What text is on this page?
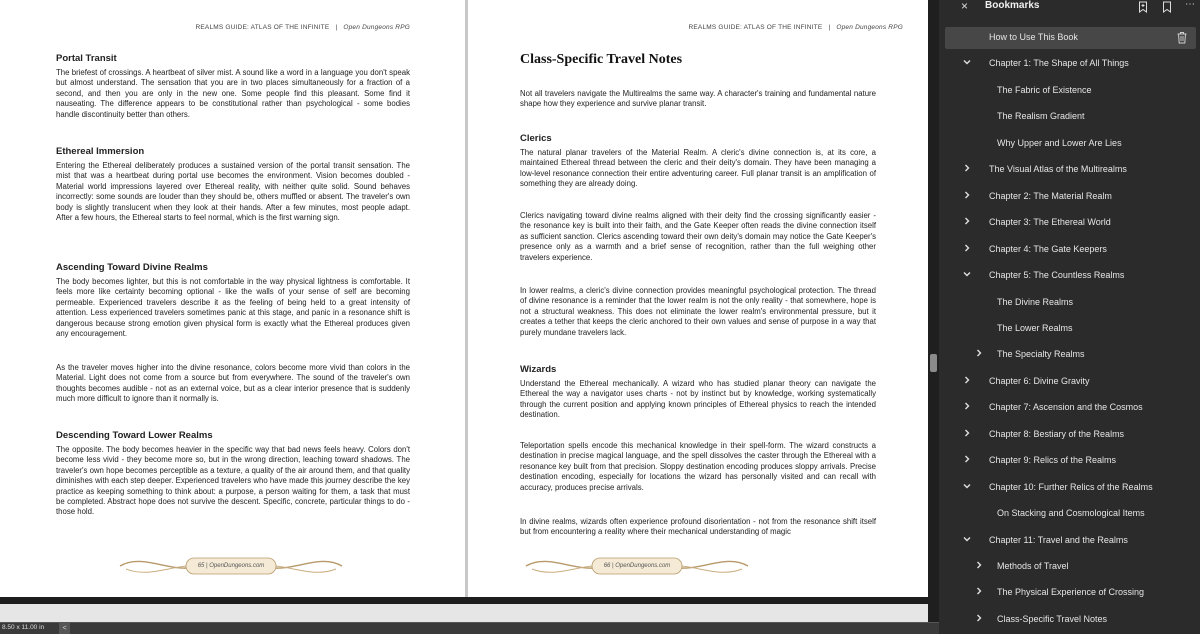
REALMS GUIDE: ATLAS OF THE INFINITE | Open Dungeons RPG
Portal Transit
The briefest of crossings. A heartbeat of silver mist. A sound like a word in a language you don't speak but almost understand. The sensation that you are in two places simultaneously for a fraction of a second, and then you are only in the new one. Some people find this pleasant. Some find it nauseating. The difference appears to be constitutional rather than psychological - some bodies handle discontinuity better than others.
Ethereal Immersion
Entering the Ethereal deliberately produces a sustained version of the portal transit sensation. The mist that was a heartbeat during portal use becomes the environment. Vision becomes doubled - Material world impressions layered over Ethereal reality, with neither quite solid. Sound behaves incorrectly: some sounds are louder than they should be, others muffled or absent. The traveler's own body is slightly translucent when they look at their hands. After a few minutes, most people adapt. After a few hours, the Ethereal starts to feel normal, which is the first warning sign.
Ascending Toward Divine Realms
The body becomes lighter, but this is not comfortable in the way physical lightness is comfortable. It feels more like certainty becoming optional - like the walls of your sense of self are becoming permeable. Experienced travelers describe it as the feeling of being held to a great intensity of attention. Less experienced travelers sometimes panic at this stage, and panic in a resonance shift is dangerous because strong emotion given physical form is exactly what the Ethereal produces given any encouragement.
As the traveler moves higher into the divine resonance, colors become more vivid than colors in the Material. Light does not come from a source but from everywhere. The sound of the traveler's own thoughts becomes audible - not as an external voice, but as a clear interior presence that is suddenly much more difficult to ignore than it normally is.
Descending Toward Lower Realms
The opposite. The body becomes heavier in the specific way that bad news feels heavy. Colors don't become less vivid - they become more so, but in the wrong direction, leaching toward shadows. The traveler's own hope becomes perceptible as a texture, a quality of the air around them, and that quality diminishes with each step deeper. Experienced travelers who have made this journey describe the key practice as keeping something to think about: a purpose, a person waiting for them, a task that must be completed. Abstract hope does not survive the descent. Specific, concrete, particular things to do - those hold.
65 | OpenDungeons.com
REALMS GUIDE: ATLAS OF THE INFINITE | Open Dungeons RPG
Class-Specific Travel Notes
Not all travelers navigate the Multirealms the same way. A character's training and fundamental nature shape how they experience and survive planar transit.
Clerics
The natural planar travelers of the Material Realm. A cleric's divine connection is, at its core, a maintained Ethereal thread between the cleric and their deity's domain. They have been managing a low-level resonance connection their entire adventuring career. Full planar transit is an amplification of something they are already doing.
Clerics navigating toward divine realms aligned with their deity find the crossing significantly easier - the resonance key is built into their faith, and the Gate Keeper often reads the divine connection itself as sufficient sanction. Clerics ascending toward their own deity's domain may notice the Gate Keeper's presence only as a warmth and a brief sense of recognition, rather than the full weighing other travelers experience.
In lower realms, a cleric's divine connection provides meaningful psychological protection. The thread of divine resonance is a reminder that the lower realm is not the only reality - that somewhere, hope is not a structural weakness. This does not eliminate the lower realm's environmental pressure, but it creates a tether that keeps the cleric anchored to their own values and sense of purpose in a way that purely mundane travelers lack.
Wizards
Understand the Ethereal mechanically. A wizard who has studied planar theory can navigate the Ethereal the way a navigator uses charts - not by instinct but by knowledge, working systematically through the current position and applying known principles of Ethereal physics to reach the intended destination.
Teleportation spells encode this mechanical knowledge in their spell-form. The wizard constructs a destination in precise magical language, and the spell dissolves the caster through the Ethereal with a resonance key built from that precision. Sloppy destination encoding produces sloppy arrivals. Precise destination encoding, especially for locations the wizard has personally visited and can recall with accuracy, produces precise arrivals.
In divine realms, wizards often experience profound disorientation - not from the resonance shift itself but from encountering a reality where their mechanical understanding of magic
66 | OpenDungeons.com
8.50 x 11.00 in	<
× Bookmarks	⋯
How to Use This Book
Chapter 1: The Shape of All Things
The Fabric of Existence
The Realism Gradient
Why Upper and Lower Are Lies
The Visual Atlas of the Multirealms
Chapter 2: The Material Realm
Chapter 3: The Ethereal World
Chapter 4: The Gate Keepers
Chapter 5: The Countless Realms
The Divine Realms
The Lower Realms
The Specialty Realms
Chapter 6: Divine Gravity
Chapter 7: Ascension and the Cosmos
Chapter 8: Bestiary of the Realms
Chapter 9: Relics of the Realms
Chapter 10: Further Relics of the Realms
On Stacking and Cosmological Items
Chapter 11: Travel and the Realms
Methods of Travel
The Physical Experience of Crossing
Class-Specific Travel Notes
